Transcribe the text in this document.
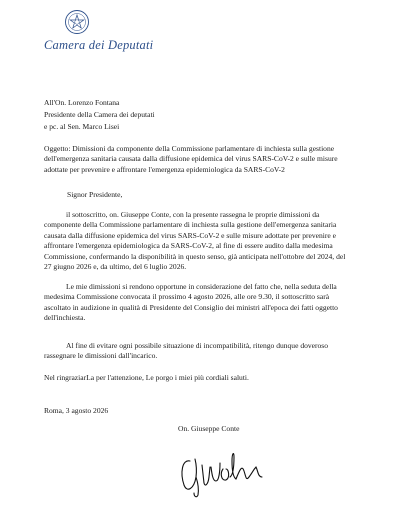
Camera dei Deputati
All'On. Lorenzo Fontana
Presidente della Camera dei deputati
e pc. al Sen. Marco Lisei
Oggetto: Dimissioni da componente della Commissione parlamentare di inchiesta sulla gestione
dell'emergenza sanitaria causata dalla diffusione epidemica del virus SARS-CoV-2 e sulle misure
adottate per prevenire e affrontare l'emergenza epidemiologica da SARS-CoV-2
Signor Presidente,
il sottoscritto, on. Giuseppe Conte, con la presente rassegna le proprie dimissioni da
componente della Commissione parlamentare di inchiesta sulla gestione dell'emergenza sanitaria
causata dalla diffusione epidemica del virus SARS-CoV-2 e sulle misure adottate per prevenire e
affrontare l'emergenza epidemiologica da SARS-CoV-2, al fine di essere audito dalla medesima
Commissione, confermando la disponibilità in questo senso, già anticipata nell'ottobre del 2024, del
27 giugno 2026 e, da ultimo, del 6 luglio 2026.
Le mie dimissioni si rendono opportune in considerazione del fatto che, nella seduta della
medesima Commissione convocata il prossimo 4 agosto 2026, alle ore 9.30, il sottoscritto sarà
ascoltato in audizione in qualità di Presidente del Consiglio dei ministri all'epoca dei fatti oggetto
dell'inchiesta.
Al fine di evitare ogni possibile situazione di incompatibilità, ritengo dunque doveroso
rassegnare le dimissioni dall'incarico.
Nel ringraziarLa per l'attenzione, Le porgo i miei più cordiali saluti.
Roma, 3 agosto 2026
On. Giuseppe Conte
